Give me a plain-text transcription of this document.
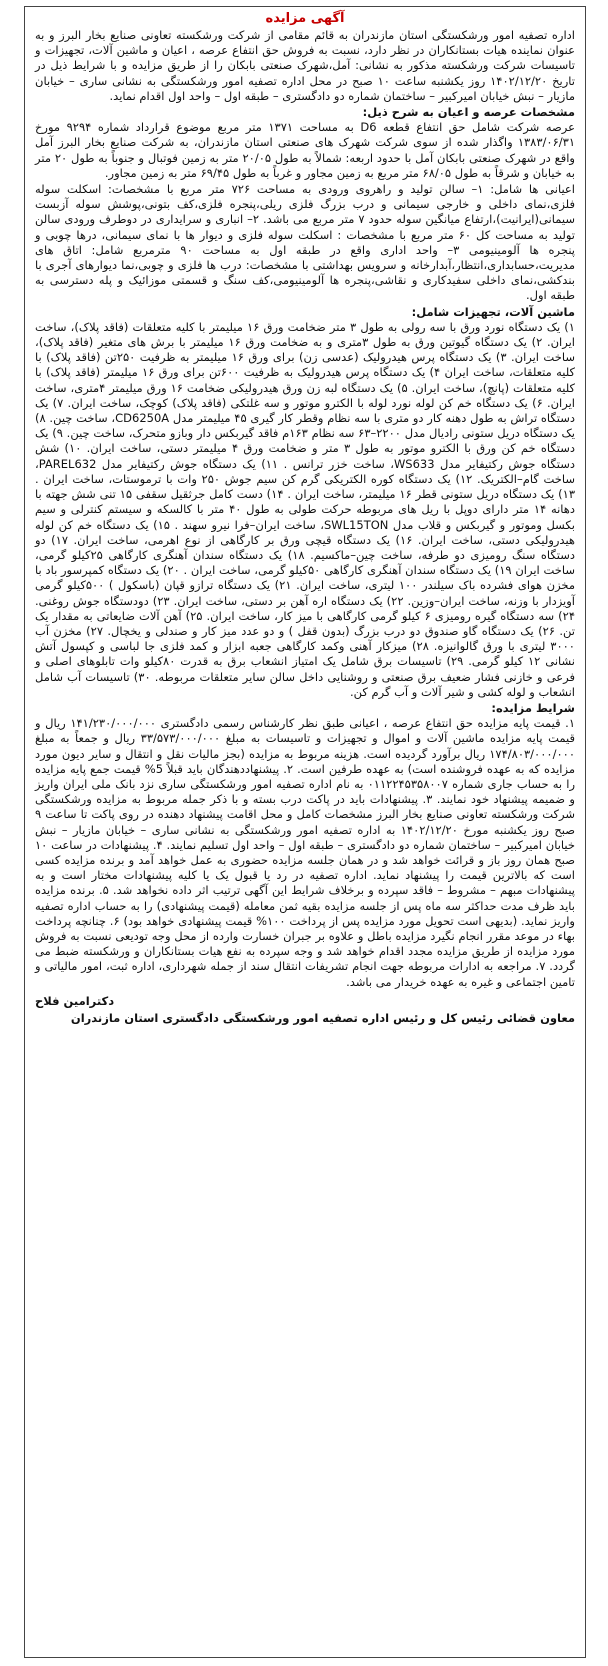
آگهی مزایده

اداره تصفیه امور ورشکستگی استان مازندران به قائم مقامی از شرکت ورشکسته تعاونی صنایع بخار البرز و به عنوان نماینده هیات بستانکاران در نظر دارد، نسبت به فروش حق انتفاع عرصه ، اعیان و ماشین آلات، تجهیزات و تاسیسات شرکت ورشکسته مذکور به نشانی: آمل،شهرک صنعتی بابکان را از طریق مزایده و با شرایط ذیل در تاریخ ۱۴۰۲/۱۲/۲۰ روز یکشنبه ساعت ۱۰ صبح در محل اداره تصفیه امور ورشکستگی به نشانی ساری – خیابان مازیار – نبش خیابان امیرکبیر – ساختمان شماره دو دادگستری – طبقه اول – واحد اول اقدام نماید.

مشخصات عرصه و اعیان به شرح ذیل:

عرصه شرکت شامل حق انتفاع قطعه D6 به مساحت ۱۳۷۱ متر مربع موضوع قرارداد شماره ۹۲۹۴ مورخ ۱۳۸۳/۰۶/۳۱ واگذار شده از سوی شرکت شهرک های صنعتی استان مازندران، به شرکت صنایع بخار البرز آمل واقع در شهرک صنعتی بابکان آمل با حدود اربعه: شمالاً به طول ۲۰/۰۵ متر به زمین فوتبال و جنوباً به طول ۲۰ متر به خیابان و شرقاً به طول ۶۸/۰۵ متر مربع به زمین مجاور و غرباً به طول ۶۹/۴۵ متر به زمین مجاور.

اعیانی ها شامل: ۱– سالن تولید و راهروی ورودی به مساحت ۷۲۶ متر مربع با مشخصات: اسکلت سوله فلزی،نمای داخلی و خارجی سیمانی و درب بزرگ فلزی ریلی،پنجره فلزی،کف بتونی،پوشش سوله آزبست سیمانی(ایرانیت)،ارتفاع میانگین سوله حدود ۷ متر مربع می باشد. ۲– انباری و سرایداری در دوطرف ورودی سالن تولید به مساحت کل ۶۰ متر مربع با مشخصات : اسکلت سوله فلزی و دیوار ها با نمای سیمانی، درها چوبی و پنجره ها آلومینیومی ۳– واحد اداری واقع در طبقه اول به مساحت ۹۰ مترمربع شامل: اتاق های مدیریت،حسابداری،انتظار،آبدارخانه و سرویس بهداشتی با مشخصات: درب ها فلزی و چوبی،نما دیوارهای آجری با بندکشی،نمای داخلی سفیدکاری و نقاشی،پنجره ها آلومینیومی،کف سنگ و قسمتی موزائیک و پله دسترسی به طبقه اول.

ماشین آلات، تجهیزات شامل:

۱) یک دستگاه نورد ورق با سه رولی به طول ۳ متر ضخامت ورق ۱۶ میلیمتر با کلیه متعلقات (فاقد پلاک)، ساخت ایران. ۲) یک دستگاه گیوتین ورق به طول ۳متری و به ضخامت ورق ۱۶ میلیمتر با برش های متغیر (فاقد پلاک)، ساخت ایران. ۳) یک دستگاه پرس هیدرولیک (عدسی زن) برای ورق ۱۶ میلیمتر به ظرفیت ۲۵۰تن (فاقد پلاک) با کلیه متعلقات، ساخت ایران ۴) یک دستگاه پرس هیدرولیک به ظرفیت ۶۰۰تن برای ورق ۱۶ میلیمتر (فاقد پلاک) با کلیه متعلقات (پانچ)، ساخت ایران. ۵) یک دستگاه لبه زن ورق هیدرولیکی ضخامت ۱۶ ورق میلیمتر ۴متری، ساخت ایران. ۶) یک دستگاه خم کن لوله نورد لوله با الکترو موتور و سه غلتکی (فاقد پلاک) کوچک، ساخت ایران. ۷) یک دستگاه تراش به طول دهنه کار دو متری با سه نظام وقطر کار گیری ۴۵ میلیمتر مدل CD6250A، ساخت چین. ۸) یک دستگاه دریل ستونی رادیال مدل ۲۲۰۰–۶۳ سه نظام ۱۶۳م فاقد گیربکس دار وبازو متحرک، ساخت چین. ۹) یک دستگاه خم کن ورق با الکترو موتور به طول ۳ متر و ضخامت ورق ۴ میلیمتر دستی، ساخت ایران. ۱۰) شش دستگاه جوش رکتیفایر مدل WS633، ساخت خزر ترانس . ۱۱) یک دستگاه جوش رکتیفایر مدل PAREL632، ساخت گام–الکتریک. ۱۲) یک دستگاه کوره الکتریکی گرم کن سیم جوش ۲۵۰ وات با ترموستات، ساخت ایران . ۱۳) یک دستگاه دریل ستونی قطر ۱۶ میلیمتر، ساخت ایران . ۱۴) دست کامل جرثقیل سقفی ۱۵ تنی شش جهته با دهانه ۱۴ متر دارای دوپل با ریل های مربوطه حرکت طولی به طول ۴۰ متر با کالسکه و سیستم کنترلی و سیم بکسل وموتور و گیربکس و قلاب مدل SWL15TON، ساخت ایران–فرا نیرو سهند . ۱۵) یک دستگاه خم کن لوله هیدرولیکی دستی، ساخت ایران. ۱۶) یک دستگاه قیچی ورق بر کارگاهی از نوع اهرمی، ساخت ایران. ۱۷) دو دستگاه سنگ رومیزی دو طرفه، ساخت چین–ماکسیم. ۱۸) یک دستگاه سندان آهنگری کارگاهی ۲۵کیلو گرمی، ساخت ایران ۱۹) یک دستگاه سندان آهنگری کارگاهی ۵۰کیلو گرمی، ساخت ایران . ۲۰) یک دستگاه کمپرسور باد با مخزن هوای فشرده باک سیلندر ۱۰۰ لیتری، ساخت ایران. ۲۱) یک دستگاه ترازو قپان (باسکول ) ۵۰۰کیلو گرمی آویزدار با وزنه، ساخت ایران–وزین. ۲۲) یک دستگاه اره آهن بر دستی، ساخت ایران. ۲۳) دودستگاه جوش روغنی. ۲۴) سه دستگاه گیره رومیزی ۶ کیلو گرمی کارگاهی با میز کار، ساخت ایران. ۲۵) آهن آلات ضایعاتی به مقدار یک تن. ۲۶) یک دستگاه گاو صندوق دو درب بزرگ (بدون قفل ) و دو عدد میز کار و صندلی و یخچال. ۲۷) مخزن آب ۳۰۰۰ لیتری با ورق گالوانیزه. ۲۸) میزکار آهنی وکمد کارگاهی جعبه ابزار و کمد فلزی جا لباسی و کپسول آتش نشانی ۱۲ کیلو گرمی. ۲۹) تاسیسات برق شامل یک امتیاز انشعاب برق به قدرت ۸۰کیلو وات تابلوهای اصلی و فرعی و خازنی فشار ضعیف برق صنعتی و روشنایی داخل سالن سایر متعلقات مربوطه. ۳۰) تاسیسات آب شامل انشعاب و لوله کشی و شیر آلات و آب گرم کن.

شرایط مزایده:

۱. قیمت پایه مزایده حق انتفاع عرصه ، اعیانی طبق نظر کارشناس رسمی دادگستری ۱۴۱/۲۳۰/۰۰۰/۰۰۰ ریال و قیمت پایه مزایده ماشین آلات و اموال و تجهیزات و تاسیسات به مبلغ ۳۳/۵۷۳/۰۰۰/۰۰۰ ریال و جمعاً به مبلغ ۱۷۴/۸۰۳/۰۰۰/۰۰۰ ریال برآورد گردیده است. هزینه مربوط به مزایده (بجز مالیات نقل و انتقال و سایر دیون مورد مزایده که به عهده فروشنده است) به عهده طرفین است. ۲. پیشنهاددهندگان باید قبلاً 5% قیمت جمع پایه مزایده را به حساب جاری شماره ۰۱۱۲۲۴۵۳۵۸۰۰۷ به نام اداره تصفیه امور ورشکستگی ساری نزد بانک ملی ایران واریز و ضمیمه پیشنهاد خود نمایند. ۳. پیشنهادات باید در پاکت درب بسته و با ذکر جمله مربوط به مزایده ورشکستگی شرکت ورشکسته تعاونی صنایع بخار البرز مشخصات کامل و محل اقامت پیشنهاد دهنده در روی پاکت تا ساعت ۹ صبح روز یکشنبه مورخ ۱۴۰۲/۱۲/۲۰ به اداره تصفیه امور ورشکستگی به نشانی ساری – خیابان مازیار – نبش خیابان امیرکبیر – ساختمان شماره دو دادگستری – طبقه اول – واحد اول تسلیم نمایند. ۴. پیشنهادات در ساعت ۱۰ صبح همان روز باز و قرائت خواهد شد و در همان جلسه مزایده حضوری به عمل خواهد آمد و برنده مزایده کسی است که بالاترین قیمت را پیشنهاد نماید. اداره تصفیه در رد یا قبول یک یا کلیه پیشنهادات مختار است و به پیشنهادات مبهم – مشروط – فاقد سپرده و برخلاف شرایط این آگهی ترتیب اثر داده نخواهد شد. ۵. برنده مزایده باید ظرف مدت حداکثر سه ماه پس از جلسه مزایده بقیه ثمن معامله (قیمت پیشنهادی) را به حساب اداره تصفیه واریز نماید. (بدیهی است تحویل مورد مزایده پس از پرداخت ۱۰۰% قیمت پیشنهادی خواهد بود) ۶. چنانچه پرداخت بهاء در موعد مقرر انجام نگیرد مزایده باطل و علاوه بر جبران خسارت وارده از محل وجه تودیعی نسبت به فروش مورد مزایده از طریق مزایده مجدد اقدام خواهد شد و وجه سپرده به نفع هیات بستانکاران و ورشکسته ضبط می گردد. ۷. مراجعه به ادارات مربوطه جهت انجام تشریفات انتقال سند از جمله شهرداری، اداره ثبت، امور مالیاتی و تامین اجتماعی و غیره به عهده خریدار می باشد.

دکترامین فلاح

معاون قضائی رئیس کل و رئیس اداره تصفیه امور ورشکستگی دادگستری استان مازندران
